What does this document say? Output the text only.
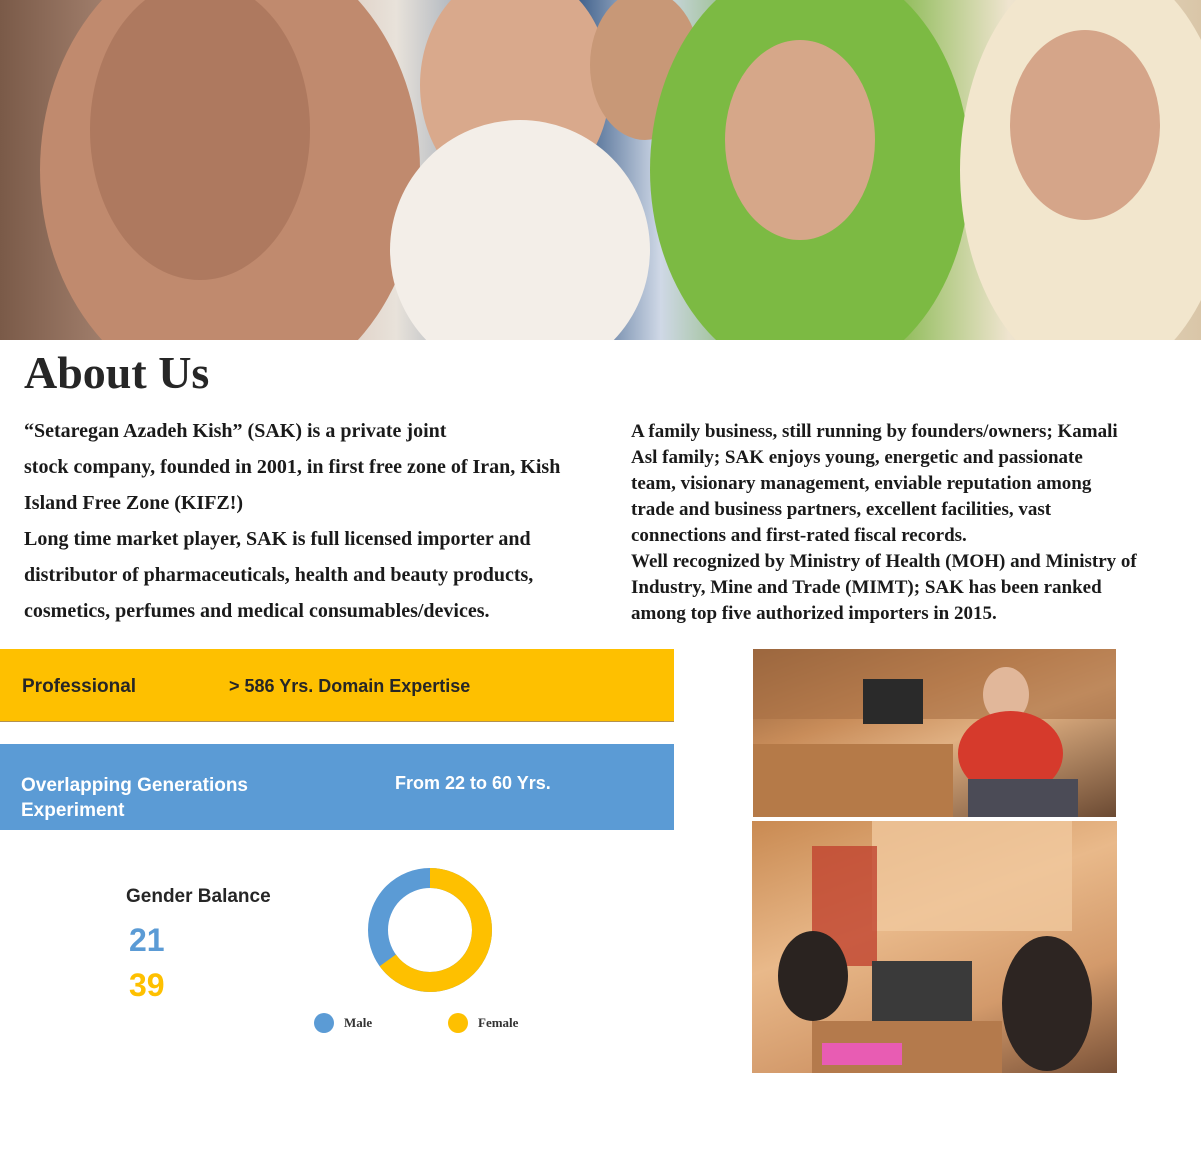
About Us

“Setaregan Azadeh Kish” (SAK) is a private joint

stock company, founded in 2001, in first free zone of Iran, Kish

Island Free Zone (KIFZ!)

Long time market player, SAK is full licensed importer and

distributor of pharmaceuticals, health and beauty products,

cosmetics, perfumes and medical consumables/devices.

A family business, still running by founders/owners; Kamali

Asl family; SAK enjoys young, energetic and passionate

team, visionary management, enviable reputation among

trade and business partners, excellent facilities, vast

connections and first-rated fiscal records.

Well recognized by Ministry of Health (MOH) and Ministry of

Industry, Mine and Trade (MIMT); SAK has been ranked

among top five authorized importers in 2015.

Professional	> 586 Yrs. Domain Expertise
Overlapping Generations Experiment
From 22 to 60 Yrs.
Gender Balance
21
39
Male	Female
